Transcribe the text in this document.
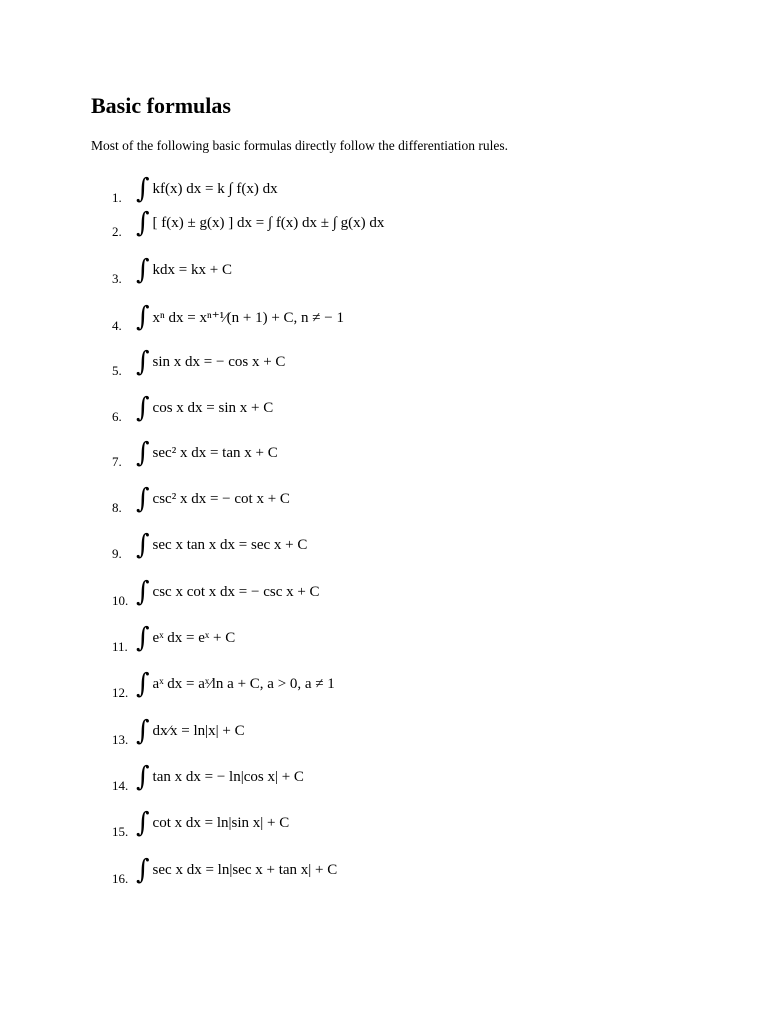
Basic formulas

Most of the following basic formulas directly follow the differentiation rules.

1. ∫ kf(x) dx = k ∫ f(x) dx
2. ∫ [ f(x) ± g(x) ] dx = ∫ f(x) dx ± ∫ g(x) dx
3. ∫ kdx = kx + C
4. ∫ xⁿ dx = xⁿ⁺¹⁄(n + 1) + C, n ≠ − 1
5. ∫ sin x dx = − cos x + C
6. ∫ cos x dx = sin x + C
7. ∫ sec² x dx = tan x + C
8. ∫ csc² x dx = − cot x + C
9. ∫ sec x tan x dx = sec x + C
10. ∫ csc x cot x dx = − csc x + C
11. ∫ eˣ dx = eˣ + C
12. ∫ aˣ dx = aˣ⁄ln a + C, a > 0, a ≠ 1
13. ∫ dx⁄x = ln|x| + C
14. ∫ tan x dx = − ln|cos x| + C
15. ∫ cot x dx = ln|sin x| + C
16. ∫ sec x dx = ln|sec x + tan x| + C
